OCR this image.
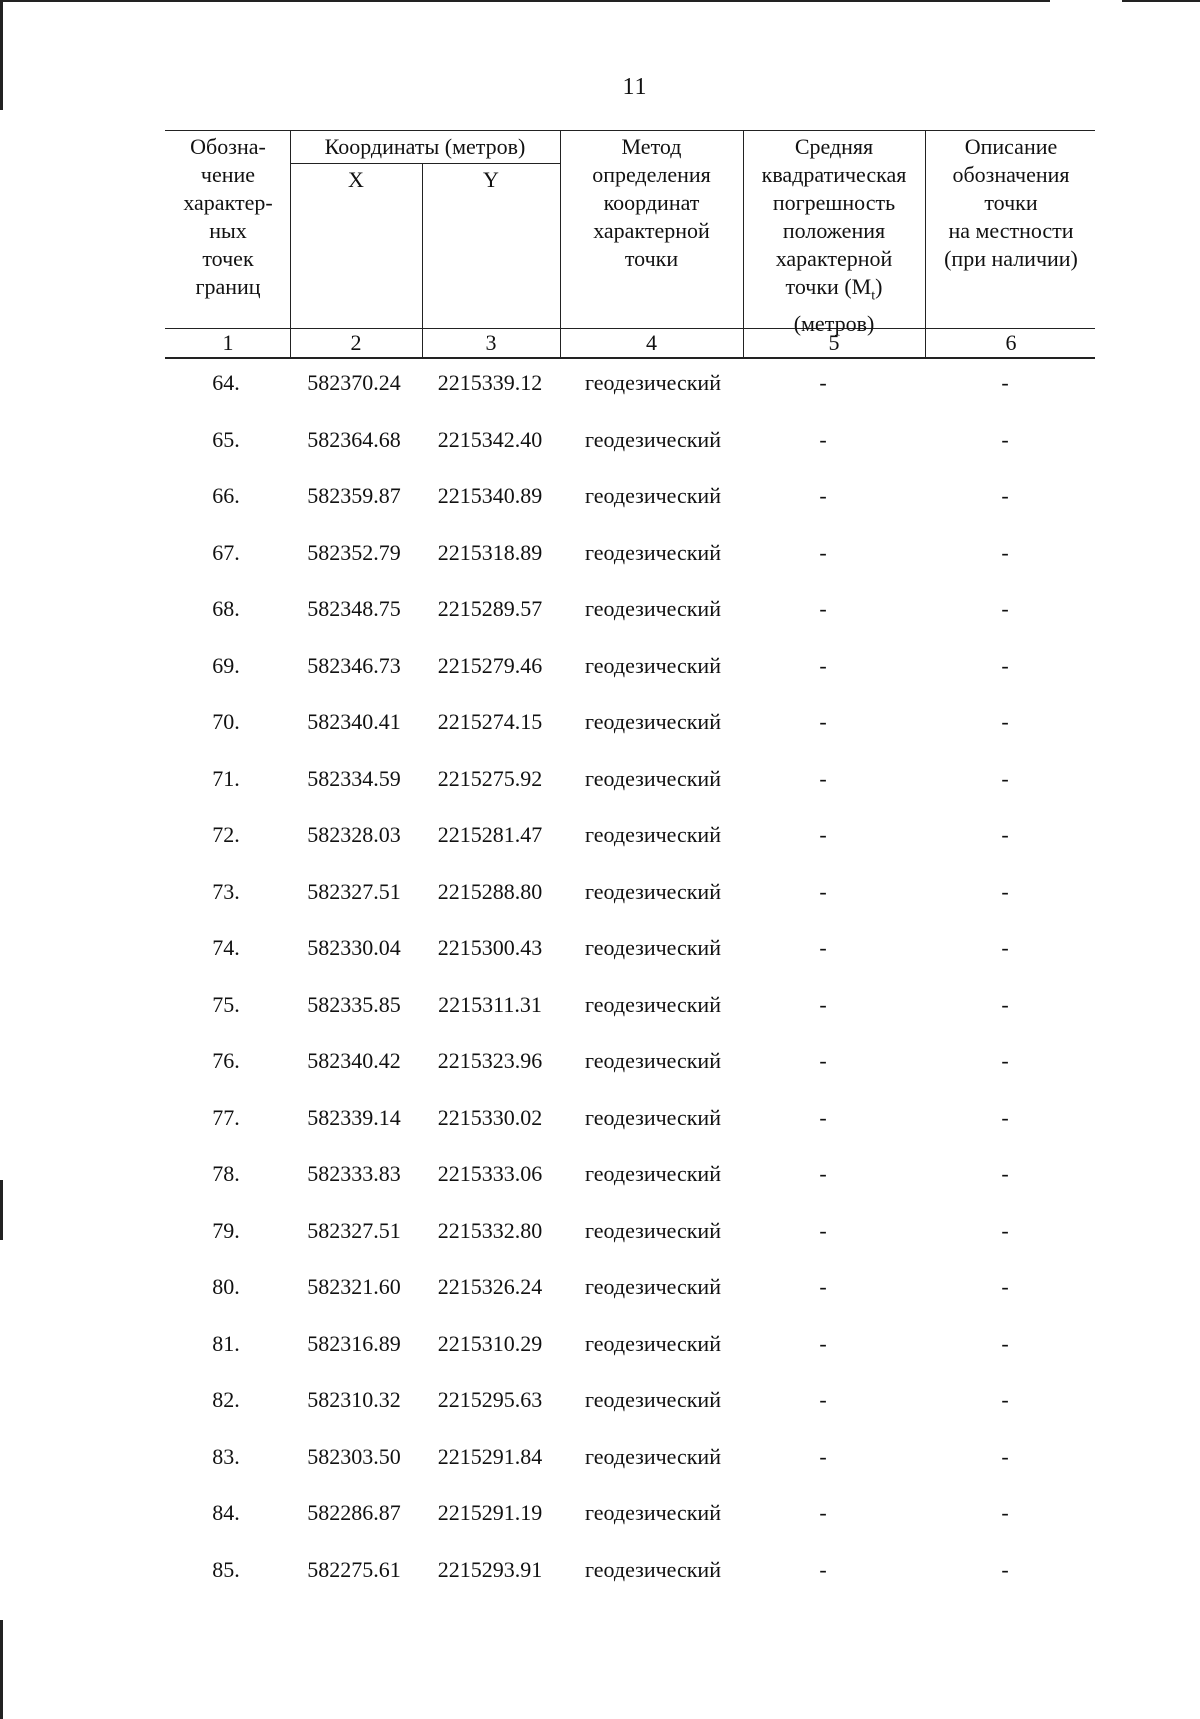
11
Обозна-
чение
характер-
ных
точек
границ
Координаты (метров)
X	Y
Метод
определения
координат
характерной
точки
Средняя
квадратическая
погрешность
положения
характерной
точки $(M_t)$
(метров)
Описание
обозначения
точки
на местности
(при наличии)
1	2	3	4	5	6
64.	582370.24	2215339.12	геодезический	-	-
65.	582364.68	2215342.40	геодезический	-	-
66.	582359.87	2215340.89	геодезический	-	-
67.	582352.79	2215318.89	геодезический	-	-
68.	582348.75	2215289.57	геодезический	-	-
69.	582346.73	2215279.46	геодезический	-	-
70.	582340.41	2215274.15	геодезический	-	-
71.	582334.59	2215275.92	геодезический	-	-
72.	582328.03	2215281.47	геодезический	-	-
73.	582327.51	2215288.80	геодезический	-	-
74.	582330.04	2215300.43	геодезический	-	-
75.	582335.85	2215311.31	геодезический	-	-
76.	582340.42	2215323.96	геодезический	-	-
77.	582339.14	2215330.02	геодезический	-	-
78.	582333.83	2215333.06	геодезический	-	-
79.	582327.51	2215332.80	геодезический	-	-
80.	582321.60	2215326.24	геодезический	-	-
81.	582316.89	2215310.29	геодезический	-	-
82.	582310.32	2215295.63	геодезический	-	-
83.	582303.50	2215291.84	геодезический	-	-
84.	582286.87	2215291.19	геодезический	-	-
85.	582275.61	2215293.91	геодезический	-	-
